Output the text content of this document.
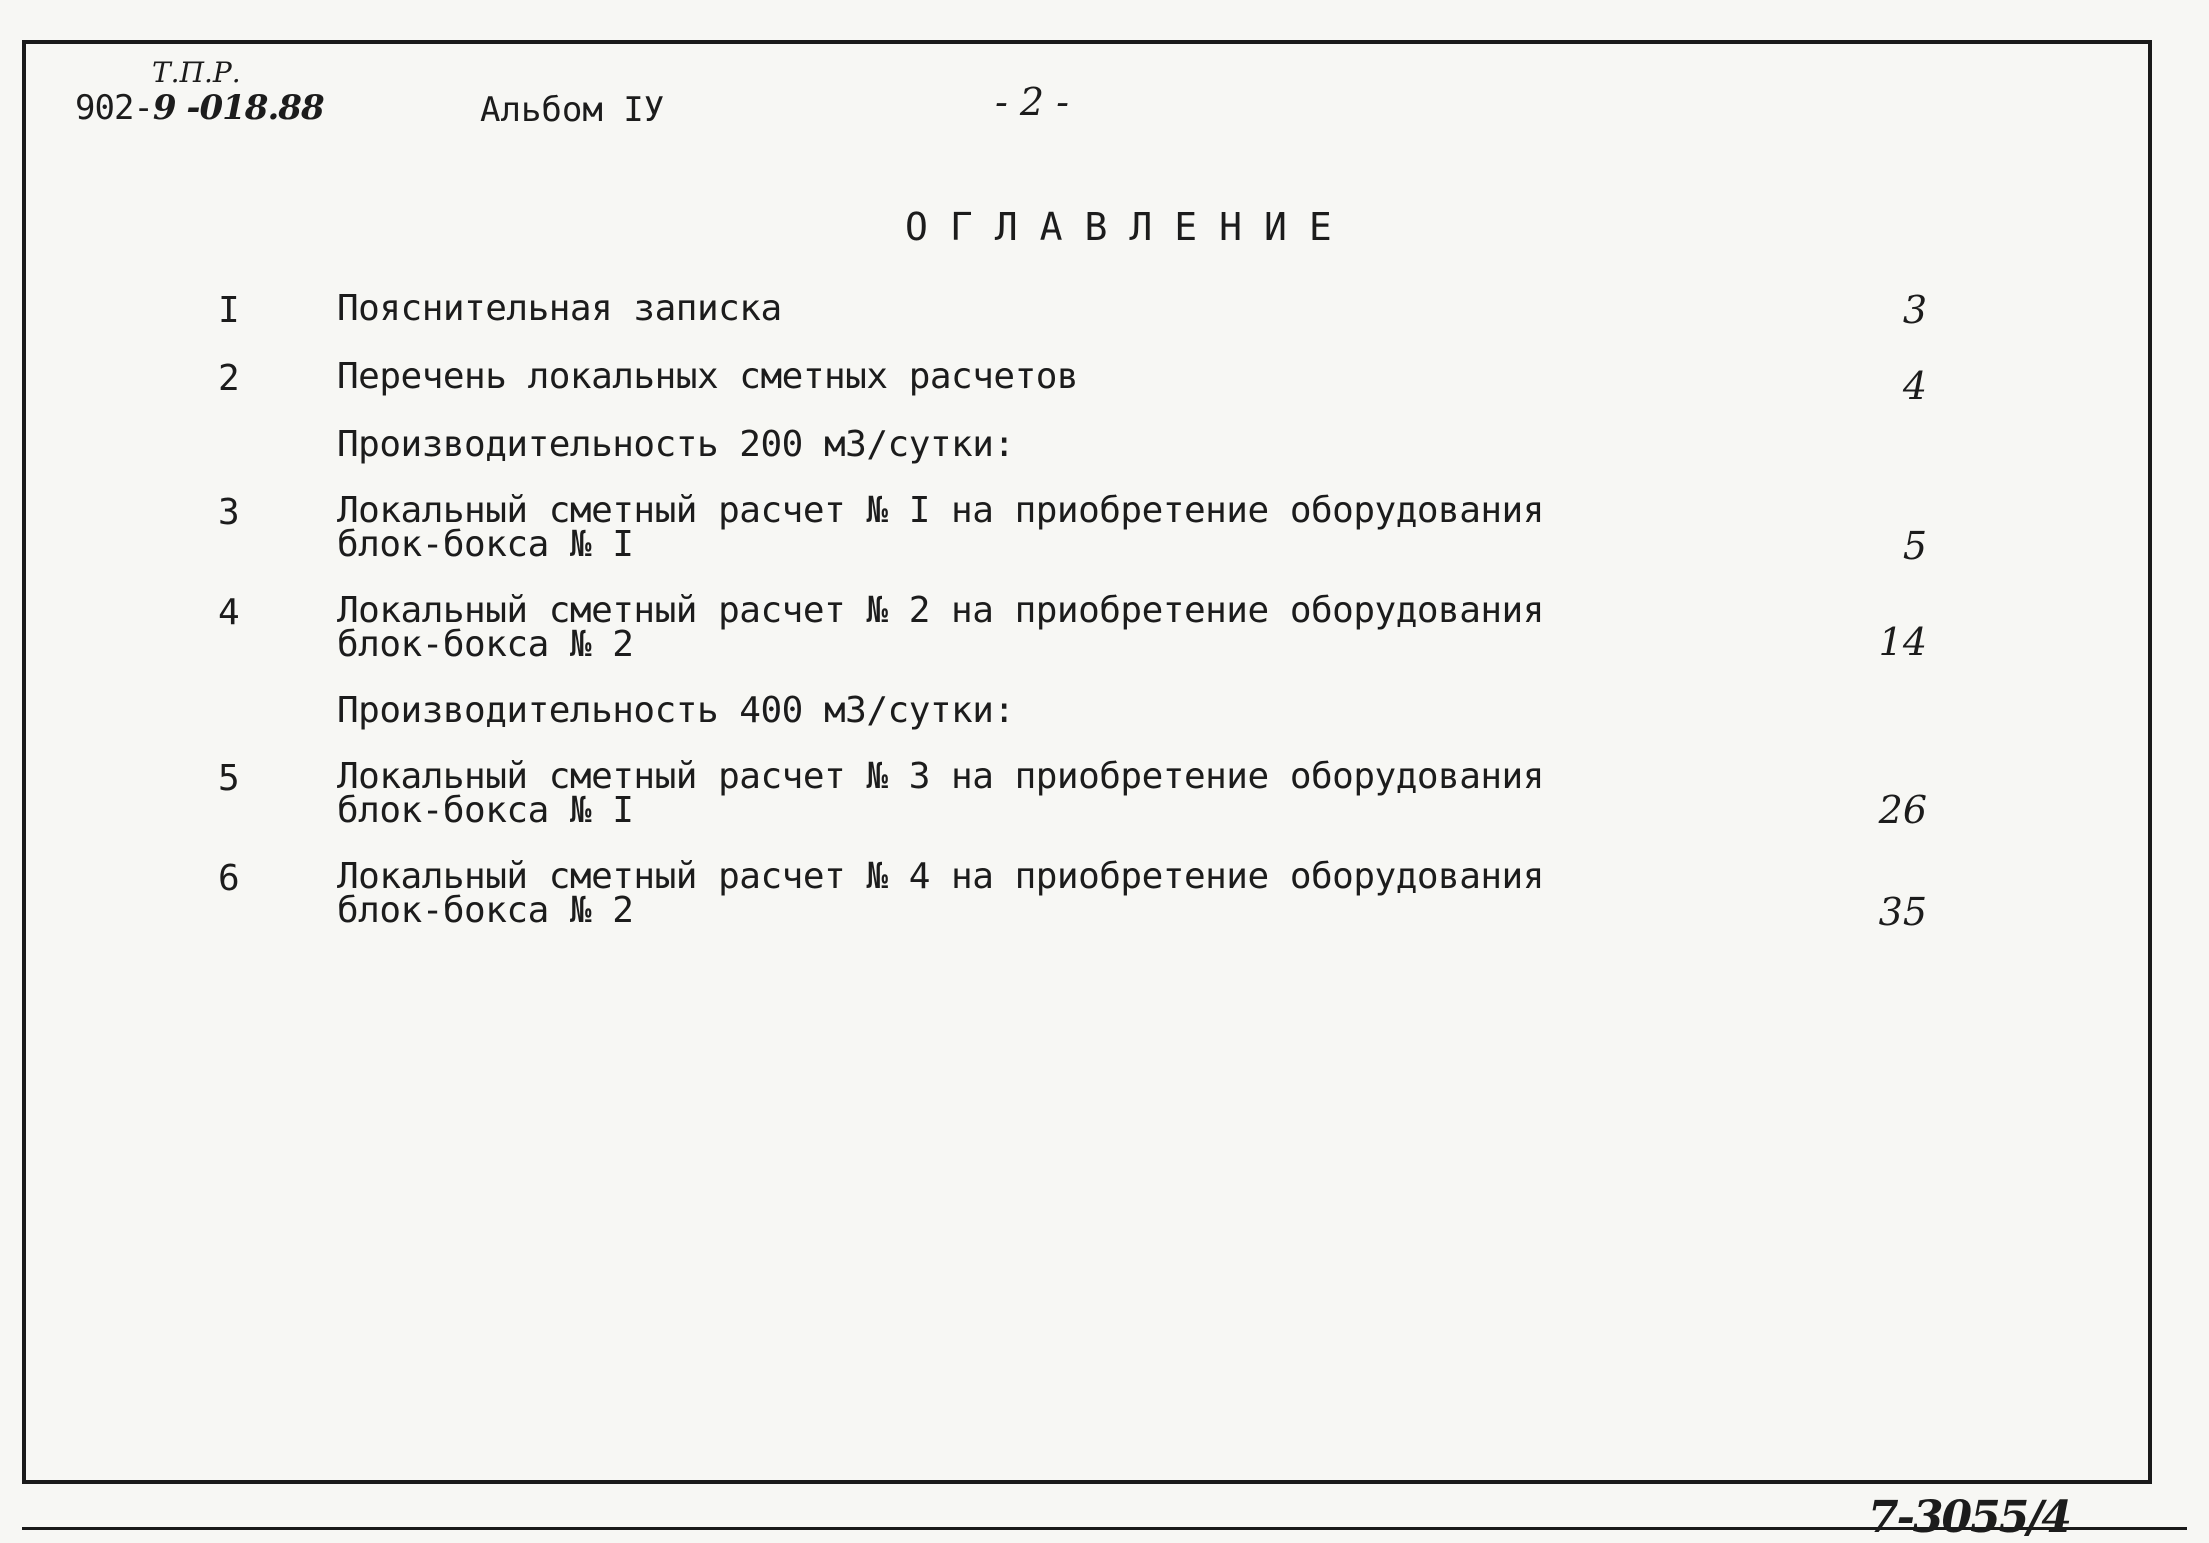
Т.П.Р.
902-9 -018.88	Альбом IУ	- 2 -
ОГЛАВЛЕНИЕ
I	Пояснительная записка	3
2	Перечень локальных сметных расчетов	4
Производительность 200 м3/сутки:
3	Локальный сметный расчет № I на приобретение оборудования
блок-бокса № I	5
4	Локальный сметный расчет № 2 на приобретение оборудования
блок-бокса № 2	14
Производительность 400 м3/сутки:
5	Локальный сметный расчет № 3 на приобретение оборудования
блок-бокса № I	26
6	Локальный сметный расчет № 4 на приобретение оборудования
блок-бокса № 2	35
7-3055/4
